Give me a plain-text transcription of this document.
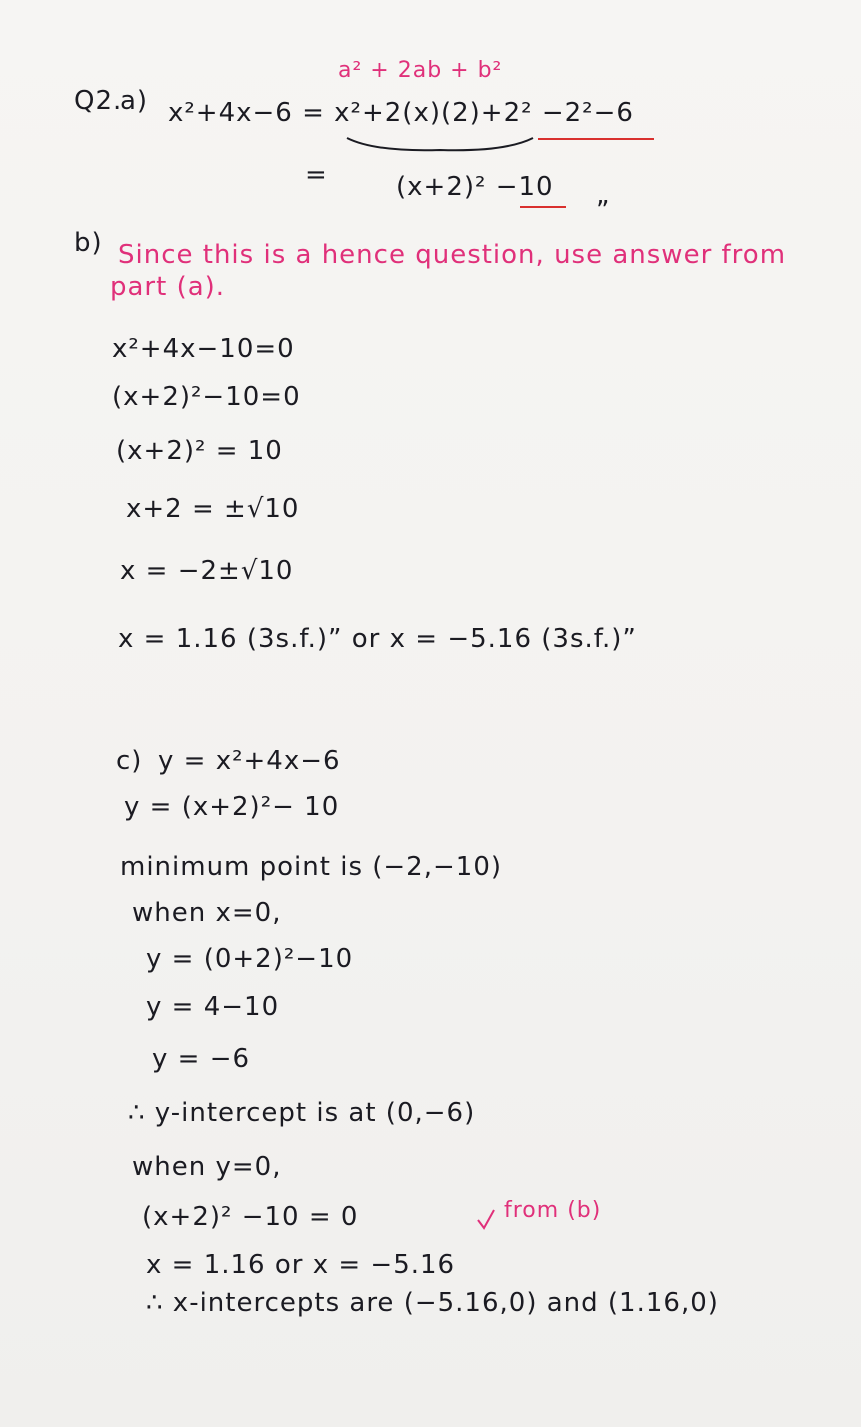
a² + 2ab + b²
Q2.
a) x²+4x−6 = x²+2(x)(2)+2² −2²−6
=	(x+2)² −10
”
b) Since this is a hence question, use answer from
part (a).
x²+4x−10=0
(x+2)²−10=0
(x+2)² = 10
x+2 = ±√10
x = −2±√10
x = 1.16 (3s.f.)” or x = −5.16 (3s.f.)”
c) y = x²+4x−6
y = (x+2)²− 10
minimum point is (−2,−10)
when x=0,
y = (0+2)²−10
y = 4−10
y = −6
∴ y-intercept is at (0,−6)
when y=0,
(x+2)² −10 = 0	from (b)
x = 1.16 or x = −5.16
∴ x-intercepts are (−5.16,0) and (1.16,0)
